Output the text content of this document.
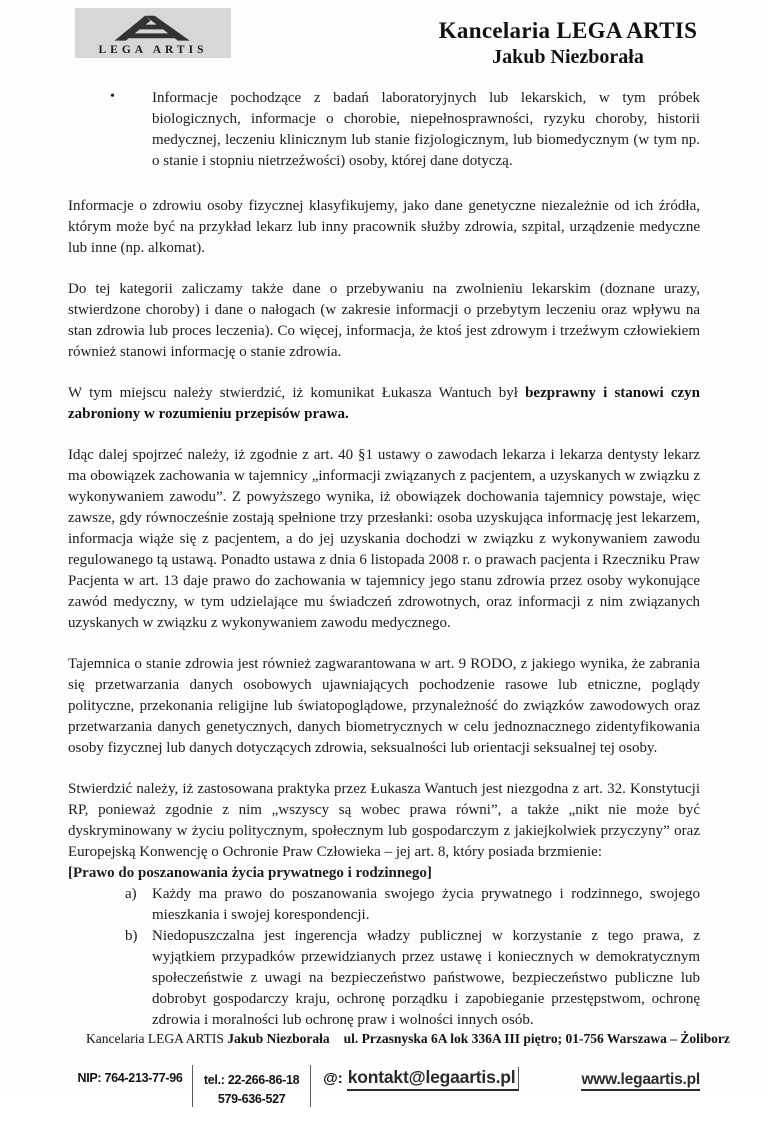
LEGA ARTIS
Kancelaria LEGA ARTIS
Jakub Niezborała
• Informacje pochodzące z badań laboratoryjnych lub lekarskich, w tym próbek biologicznych, informacje o chorobie, niepełnosprawności, ryzyku choroby, historii medycznej, leczeniu klinicznym lub stanie fizjologicznym, lub biomedycznym (w tym np. o stanie i stopniu nietrzeźwości) osoby, której dane dotyczą.

Informacje o zdrowiu osoby fizycznej klasyfikujemy, jako dane genetyczne niezależnie od ich źródła, którym może być na przykład lekarz lub inny pracownik służby zdrowia, szpital, urządzenie medyczne lub inne (np. alkomat).

Do tej kategorii zaliczamy także dane o przebywaniu na zwolnieniu lekarskim (doznane urazy, stwierdzone choroby) i dane o nałogach (w zakresie informacji o przebytym leczeniu oraz wpływu na stan zdrowia lub proces leczenia). Co więcej, informacja, że ktoś jest zdrowym i trzeźwym człowiekiem również stanowi informację o stanie zdrowia.

W tym miejscu należy stwierdzić, iż komunikat Łukasza Wantuch był bezprawny i stanowi czyn zabroniony w rozumieniu przepisów prawa.

Idąc dalej spojrzeć należy, iż zgodnie z art. 40 §1 ustawy o zawodach lekarza i lekarza dentysty lekarz ma obowiązek zachowania w tajemnicy „informacji związanych z pacjentem, a uzyskanych w związku z wykonywaniem zawodu”. Z powyższego wynika, iż obowiązek dochowania tajemnicy powstaje, więc zawsze, gdy równocześnie zostają spełnione trzy przesłanki: osoba uzyskująca informację jest lekarzem, informacja wiąże się z pacjentem, a do jej uzyskania dochodzi w związku z wykonywaniem zawodu regulowanego tą ustawą. Ponadto ustawa z dnia 6 listopada 2008 r. o prawach pacjenta i Rzeczniku Praw Pacjenta w art. 13 daje prawo do zachowania w tajemnicy jego stanu zdrowia przez osoby wykonujące zawód medyczny, w tym udzielające mu świadczeń zdrowotnych, oraz informacji z nim związanych uzyskanych w związku z wykonywaniem zawodu medycznego.

Tajemnica o stanie zdrowia jest również zagwarantowana w art. 9 RODO, z jakiego wynika, że zabrania się przetwarzania danych osobowych ujawniających pochodzenie rasowe lub etniczne, poglądy polityczne, przekonania religijne lub światopoglądowe, przynależność do związków zawodowych oraz przetwarzania danych genetycznych, danych biometrycznych w celu jednoznacznego zidentyfikowania osoby fizycznej lub danych dotyczących zdrowia, seksualności lub orientacji seksualnej tej osoby.

Stwierdzić należy, iż zastosowana praktyka przez Łukasza Wantuch jest niezgodna z art. 32. Konstytucji RP, ponieważ zgodnie z nim „wszyscy są wobec prawa równi”, a także „nikt nie może być dyskryminowany w życiu politycznym, społecznym lub gospodarczym z jakiejkolwiek przyczyny” oraz Europejską Konwencję o Ochronie Praw Człowieka – jej art. 8, który posiada brzmienie:

[Prawo do poszanowania życia prywatnego i rodzinnego]

a) Każdy ma prawo do poszanowania swojego życia prywatnego i rodzinnego, swojego mieszkania i swojej korespondencji.

b) Niedopuszczalna jest ingerencja władzy publicznej w korzystanie z tego prawa, z wyjątkiem przypadków przewidzianych przez ustawę i koniecznych w demokratycznym społeczeństwie z uwagi na bezpieczeństwo państwowe, bezpieczeństwo publiczne lub dobrobyt gospodarczy kraju, ochronę porządku i zapobieganie przestępstwom, ochronę zdrowia i moralności lub ochronę praw i wolności innych osób.

Kancelaria LEGA ARTIS Jakub Niezborała ul. Przasnyska 6A lok 336A III piętro; 01-756 Warszawa – Żoliborz
NIP: 764-213-77-96	tel.: 22-266-86-18
579-636-527
@: kontakt@legaartis.pl	www.legaartis.pl
